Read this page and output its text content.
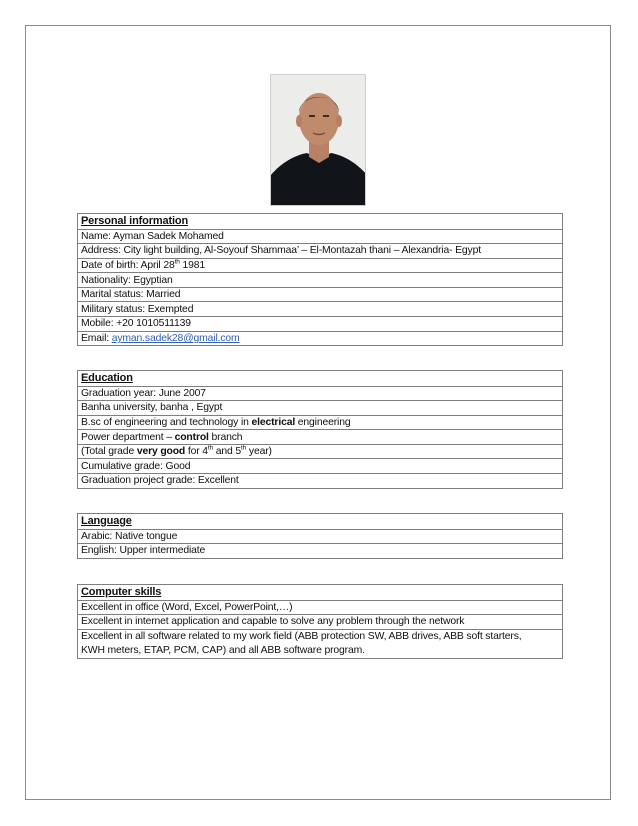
Personal information
Name: Ayman Sadek Mohamed
Address: City light building, Al-Soyouf Shammaa’ – El-Montazah thani – Alexandria- Egypt
Date of birth: April 28th 1981
Nationality: Egyptian
Marital status: Married
Military status: Exempted
Mobile: +20 1010511139
Email: ayman.sadek28@gmail.com
Education
Graduation year: June 2007
Banha university, banha , Egypt
B.sc of engineering and technology in electrical engineering
Power department – control branch
(Total grade very good for 4th and 5th year)
Cumulative grade: Good
Graduation project grade: Excellent
Language
Arabic: Native tongue
English: Upper intermediate
Computer skills
Excellent in office (Word, Excel, PowerPoint,…)
Excellent in internet application and capable to solve any problem through the network
Excellent in all software related to my work field (ABB protection SW, ABB drives, ABB soft starters,
KWH meters, ETAP, PCM, CAP) and all ABB software program.
